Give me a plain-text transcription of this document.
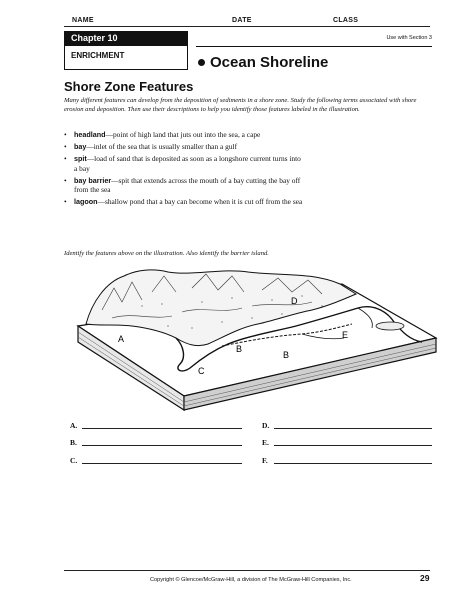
NAME	DATE	CLASS
Chapter 10
ENRICHMENT
Use with Section 3
Ocean Shoreline
Shore Zone Features
Many different features can develop from the deposition of sediments in a shore zone. Study the following terms associated with shore erosion and deposition. Then use their descriptions to help you identify those features labeled in the illustration.
• headland—point of high land that juts out into the sea, a cape
• bay—inlet of the sea that is usually smaller than a gulf
• spit—load of sand that is deposited as soon as a longshore current turns into a bay
• bay barrier—spit that extends across the mouth of a bay cutting the bay off from the sea
• lagoon—shallow pond that a bay can become when it is cut off from the sea
Identify the features above on the illustration. Also identify the barrier island.
A
B
C
D
E
B
A.
B.
C.
D.
E.
F.
Copyright © Glencoe/McGraw-Hill, a division of The McGraw-Hill Companies, Inc.	29
